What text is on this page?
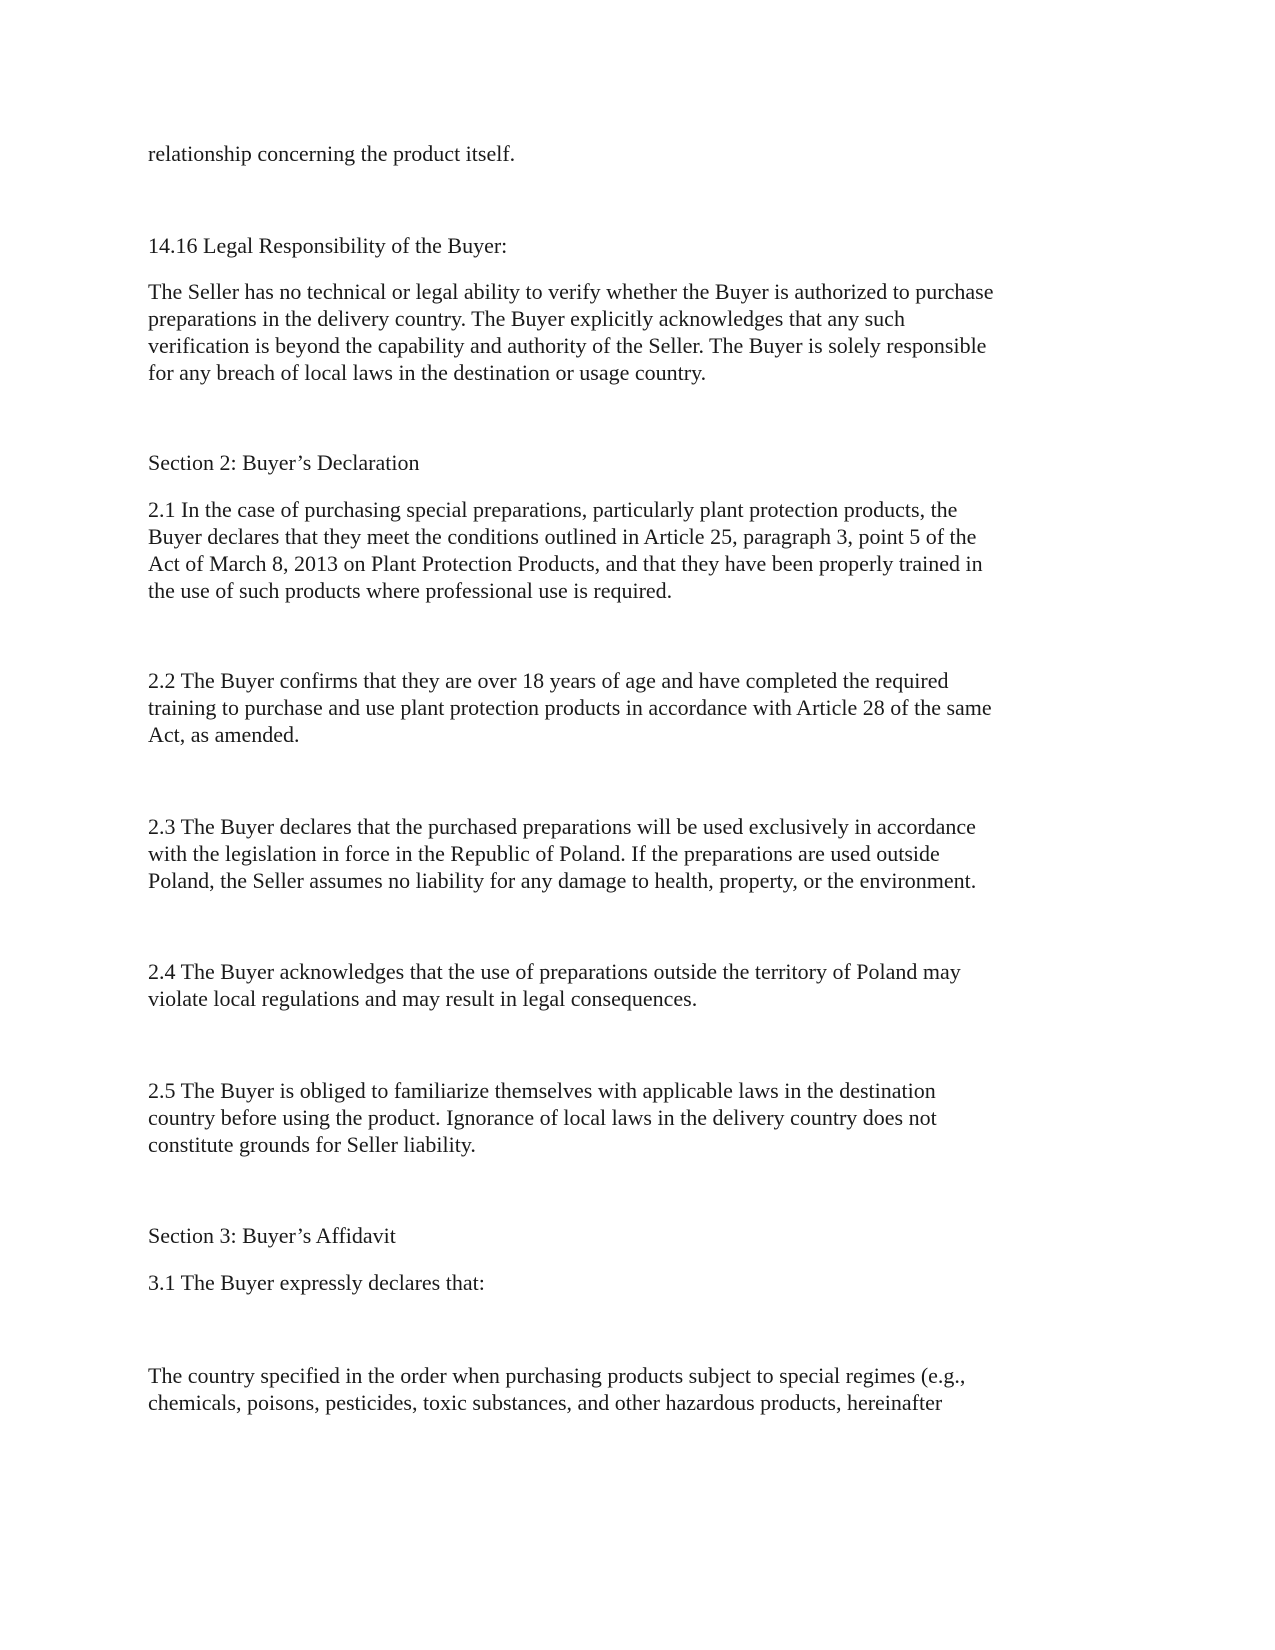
relationship concerning the product itself.

14.16 Legal Responsibility of the Buyer:

The Seller has no technical or legal ability to verify whether the Buyer is authorized to purchase
preparations in the delivery country. The Buyer explicitly acknowledges that any such
verification is beyond the capability and authority of the Seller. The Buyer is solely responsible
for any breach of local laws in the destination or usage country.

Section 2: Buyer’s Declaration

2.1 In the case of purchasing special preparations, particularly plant protection products, the
Buyer declares that they meet the conditions outlined in Article 25, paragraph 3, point 5 of the
Act of March 8, 2013 on Plant Protection Products, and that they have been properly trained in
the use of such products where professional use is required.

2.2 The Buyer confirms that they are over 18 years of age and have completed the required
training to purchase and use plant protection products in accordance with Article 28 of the same
Act, as amended.

2.3 The Buyer declares that the purchased preparations will be used exclusively in accordance
with the legislation in force in the Republic of Poland. If the preparations are used outside
Poland, the Seller assumes no liability for any damage to health, property, or the environment.

2.4 The Buyer acknowledges that the use of preparations outside the territory of Poland may
violate local regulations and may result in legal consequences.

2.5 The Buyer is obliged to familiarize themselves with applicable laws in the destination
country before using the product. Ignorance of local laws in the delivery country does not
constitute grounds for Seller liability.

Section 3: Buyer’s Affidavit

3.1 The Buyer expressly declares that:

The country specified in the order when purchasing products subject to special regimes (e.g.,
chemicals, poisons, pesticides, toxic substances, and other hazardous products, hereinafter
